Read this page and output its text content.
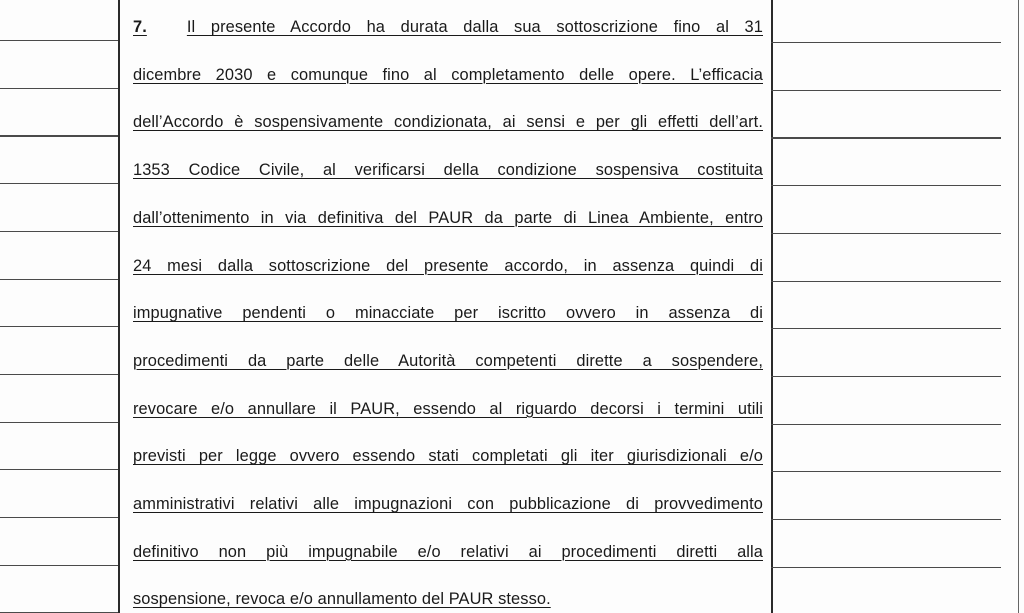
7. Il presente Accordo ha durata dalla sua sottoscrizione fino al 31
dicembre 2030 e comunque fino al completamento delle opere. L’efficacia
dell’Accordo è sospensivamente condizionata, ai sensi e per gli effetti dell’art.
1353 Codice Civile, al verificarsi della condizione sospensiva costituita
dall’ottenimento in via definitiva del PAUR da parte di Linea Ambiente, entro
24 mesi dalla sottoscrizione del presente accordo, in assenza quindi di
impugnative pendenti o minacciate per iscritto ovvero in assenza di
procedimenti da parte delle Autorità competenti dirette a sospendere,
revocare e/o annullare il PAUR, essendo al riguardo decorsi i termini utili
previsti per legge ovvero essendo stati completati gli iter giurisdizionali e/o
amministrativi relativi alle impugnazioni con pubblicazione di provvedimento
definitivo non più impugnabile e/o relativi ai procedimenti diretti alla
sospensione, revoca e/o annullamento del PAUR stesso.
